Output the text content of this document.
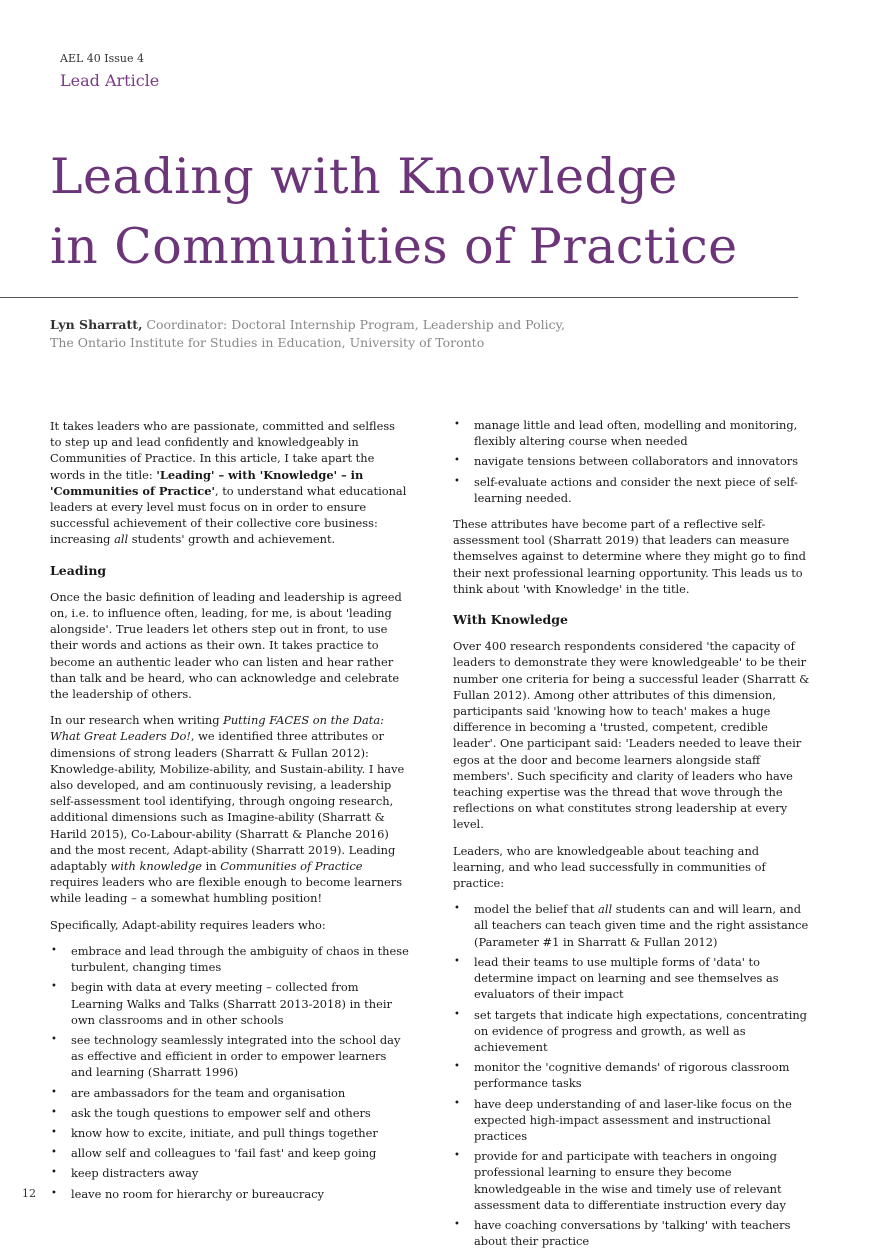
AEL 40 Issue 4
Lead Article
Leading with Knowledge
in Communities of Practice
Lyn Sharratt, Coordinator: Doctoral Internship Program, Leadership and Policy,
The Ontario Institute for Studies in Education, University of Toronto

It takes leaders who are passionate, committed and selfless to step up and lead confidently and knowledgeably in Communities of Practice. In this article, I take apart the words in the title: 'Leading' – with 'Knowledge' – in 'Communities of Practice', to understand what educational leaders at every level must focus on in order to ensure successful achievement of their collective core business: increasing all students' growth and achievement.

Leading

Once the basic definition of leading and leadership is agreed on, i.e. to influence often, leading, for me, is about 'leading alongside'. True leaders let others step out in front, to use their words and actions as their own. It takes practice to become an authentic leader who can listen and hear rather than talk and be heard, who can acknowledge and celebrate the leadership of others.

In our research when writing Putting FACES on the Data: What Great Leaders Do!, we identified three attributes or dimensions of strong leaders (Sharratt & Fullan 2012): Knowledge-ability, Mobilize-ability, and Sustain-ability. I have also developed, and am continuously revising, a leadership self-assessment tool identifying, through ongoing research, additional dimensions such as Imagine-ability (Sharratt & Harild 2015), Co-Labour-ability (Sharratt & Planche 2016) and the most recent, Adapt-ability (Sharratt 2019). Leading adaptably with knowledge in Communities of Practice requires leaders who are flexible enough to become learners while leading – a somewhat humbling position!

Specifically, Adapt-ability requires leaders who:

• embrace and lead through the ambiguity of chaos in these turbulent, changing times
• begin with data at every meeting – collected from Learning Walks and Talks (Sharratt 2013-2018) in their own classrooms and in other schools
• see technology seamlessly integrated into the school day as effective and efficient in order to empower learners and learning (Sharratt 1996)
• are ambassadors for the team and organisation
• ask the tough questions to empower self and others
• know how to excite, initiate, and pull things together
• allow self and colleagues to 'fail fast' and keep going
• keep distracters away
• leave no room for hierarchy or bureaucracy
• manage little and lead often, modelling and monitoring, flexibly altering course when needed
• navigate tensions between collaborators and innovators
• self-evaluate actions and consider the next piece of self-learning needed.

These attributes have become part of a reflective self-assessment tool (Sharratt 2019) that leaders can measure themselves against to determine where they might go to find their next professional learning opportunity. This leads us to think about 'with Knowledge' in the title.

With Knowledge

Over 400 research respondents considered 'the capacity of leaders to demonstrate they were knowledgeable' to be their number one criteria for being a successful leader (Sharratt & Fullan 2012). Among other attributes of this dimension, participants said 'knowing how to teach' makes a huge difference in becoming a 'trusted, competent, credible leader'. One participant said: 'Leaders needed to leave their egos at the door and become learners alongside staff members'. Such specificity and clarity of leaders who have teaching expertise was the thread that wove through the reflections on what constitutes strong leadership at every level.

Leaders, who are knowledgeable about teaching and learning, and who lead successfully in communities of practice:

• model the belief that all students can and will learn, and all teachers can teach given time and the right assistance (Parameter #1 in Sharratt & Fullan 2012)
• lead their teams to use multiple forms of 'data' to determine impact on learning and see themselves as evaluators of their impact
• set targets that indicate high expectations, concentrating on evidence of progress and growth, as well as achievement
• monitor the 'cognitive demands' of rigorous classroom performance tasks
• have deep understanding of and laser-like focus on the expected high-impact assessment and instructional practices
• provide for and participate with teachers in ongoing professional learning to ensure they become knowledgeable in the wise and timely use of relevant assessment data to differentiate instruction every day
• have coaching conversations by 'talking' with teachers about their practice
12
